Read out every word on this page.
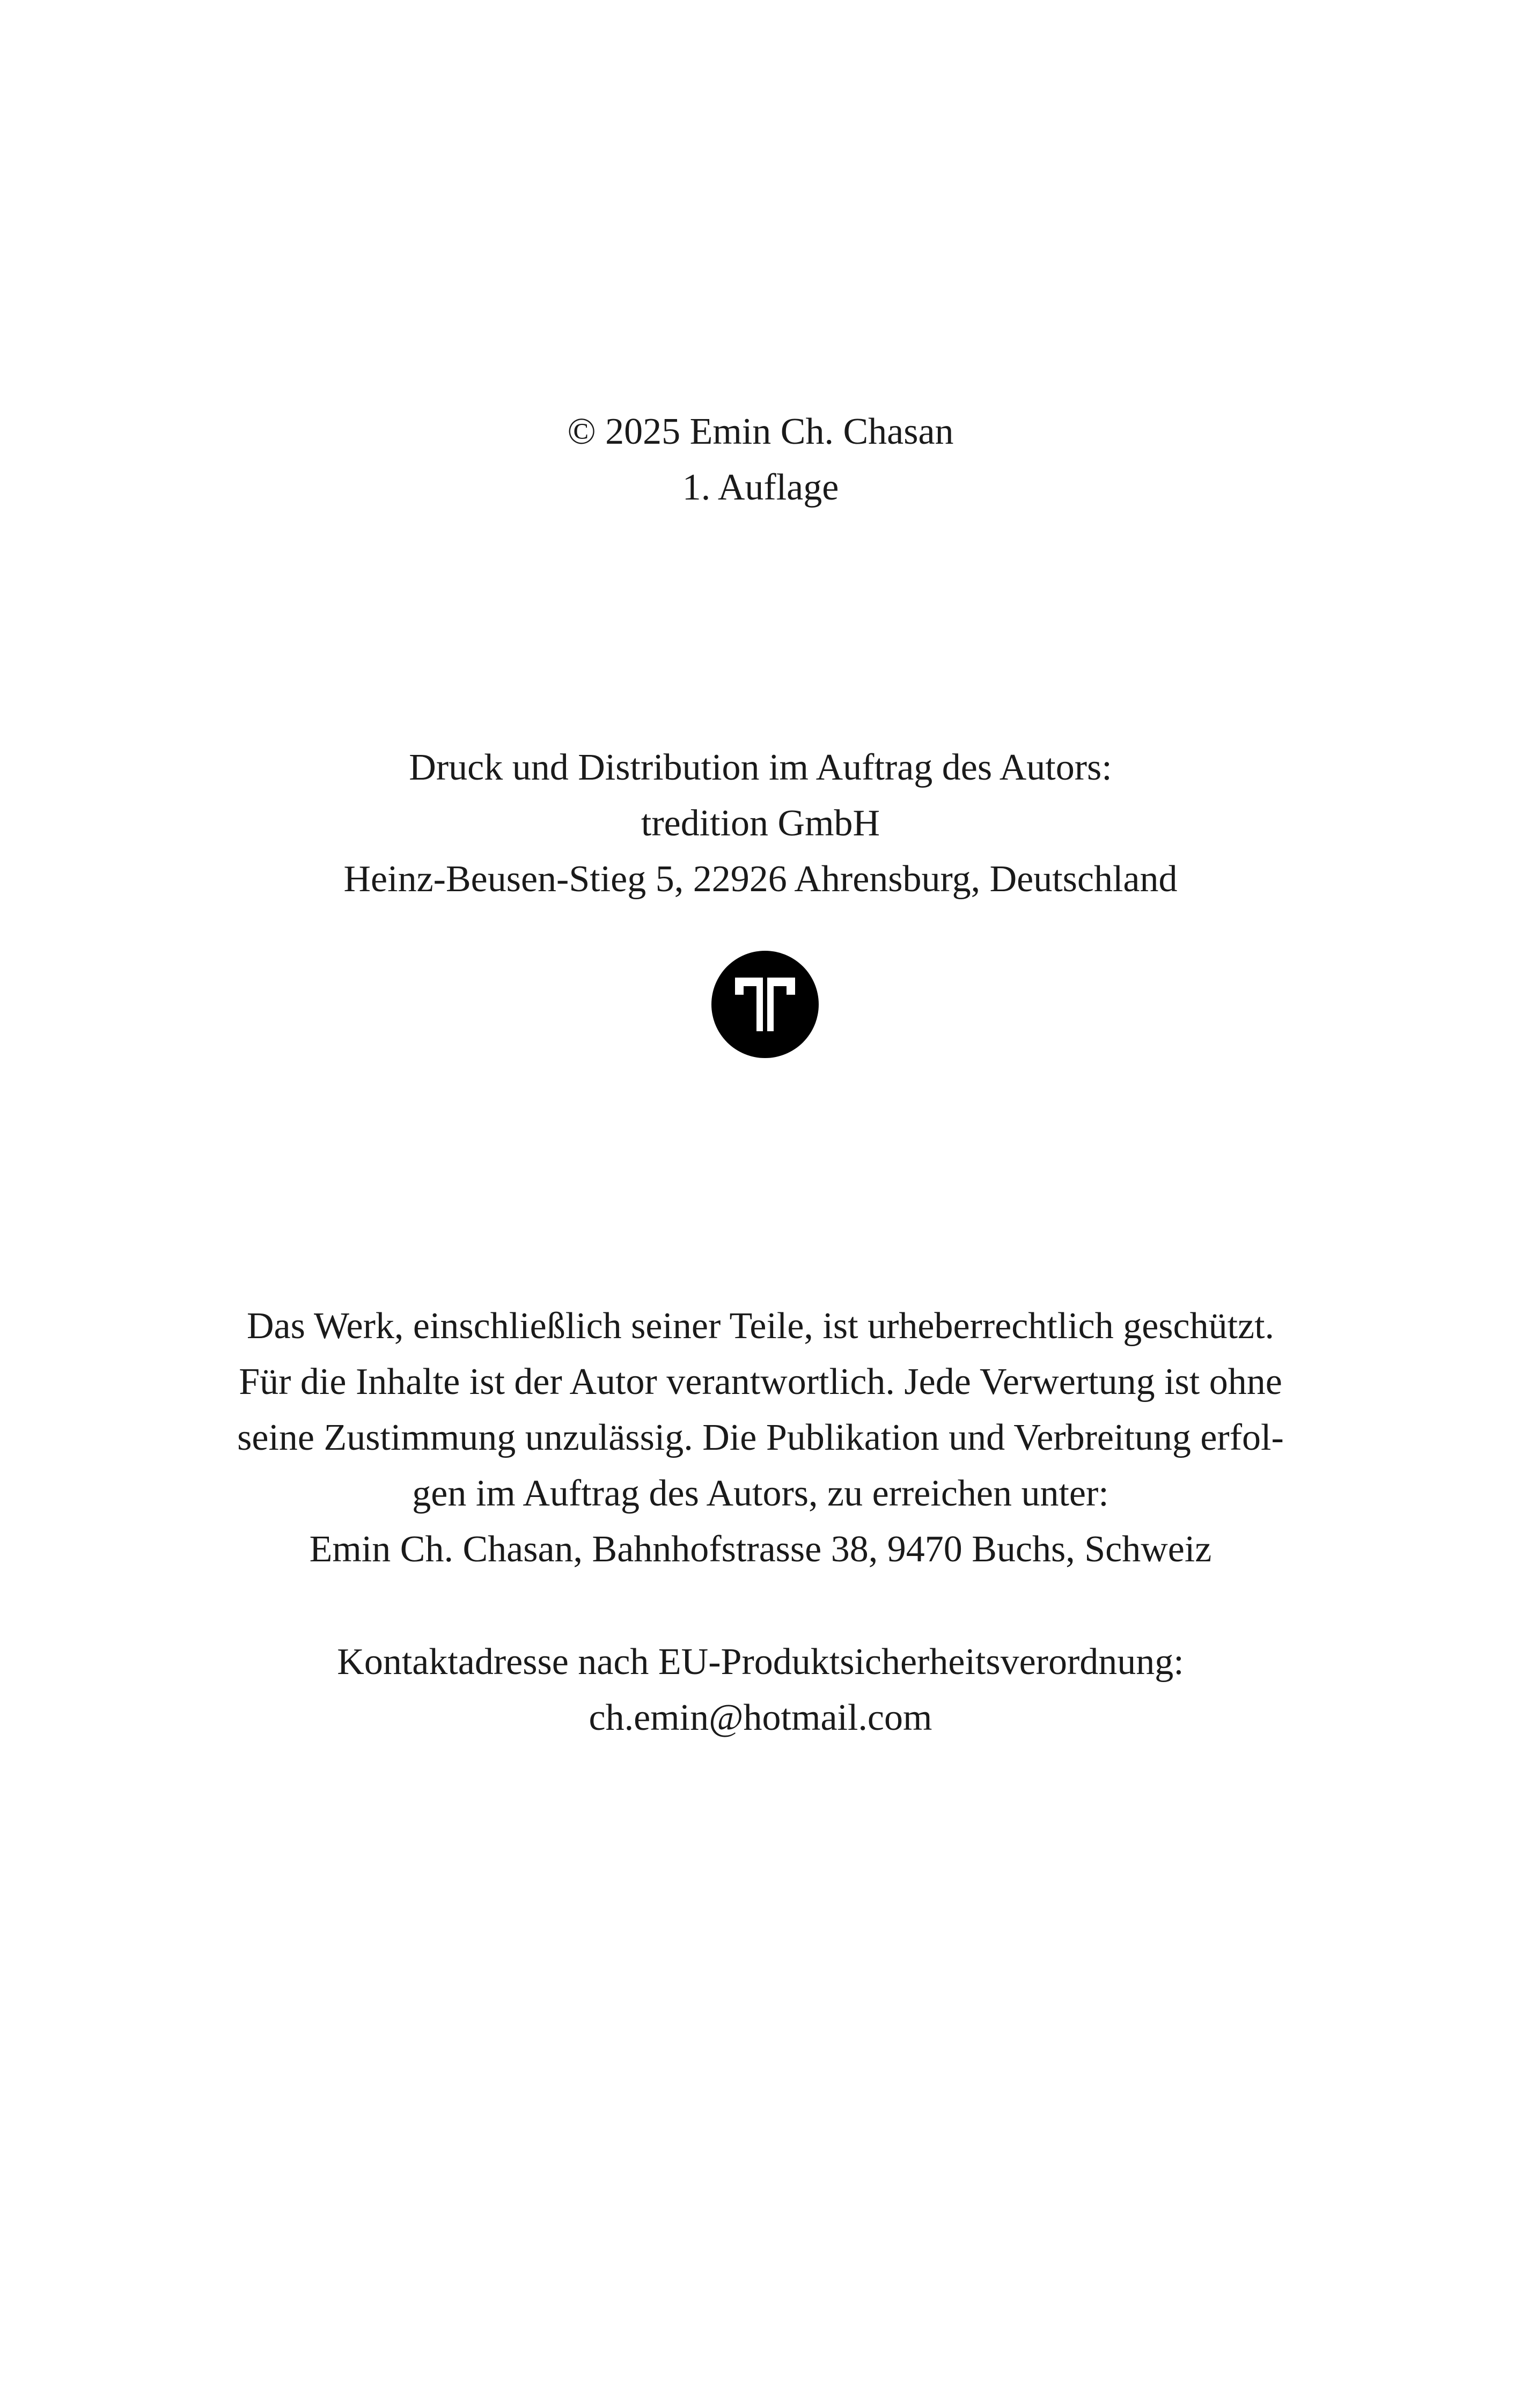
© 2025 Emin Ch. Chasan
1. Auflage
Druck und Distribution im Auftrag des Autors:
tredition GmbH
Heinz-Beusen-Stieg 5, 22926 Ahrensburg, Deutschland
Das Werk, einschließlich seiner Teile, ist urheberrechtlich geschützt.
Für die Inhalte ist der Autor verantwortlich. Jede Verwertung ist ohne
seine Zustimmung unzulässig. Die Publikation und Verbreitung erfol-
gen im Auftrag des Autors, zu erreichen unter:
Emin Ch. Chasan, Bahnhofstrasse 38, 9470 Buchs, Schweiz
Kontaktadresse nach EU-Produktsicherheitsverordnung:
ch.emin@hotmail.com
